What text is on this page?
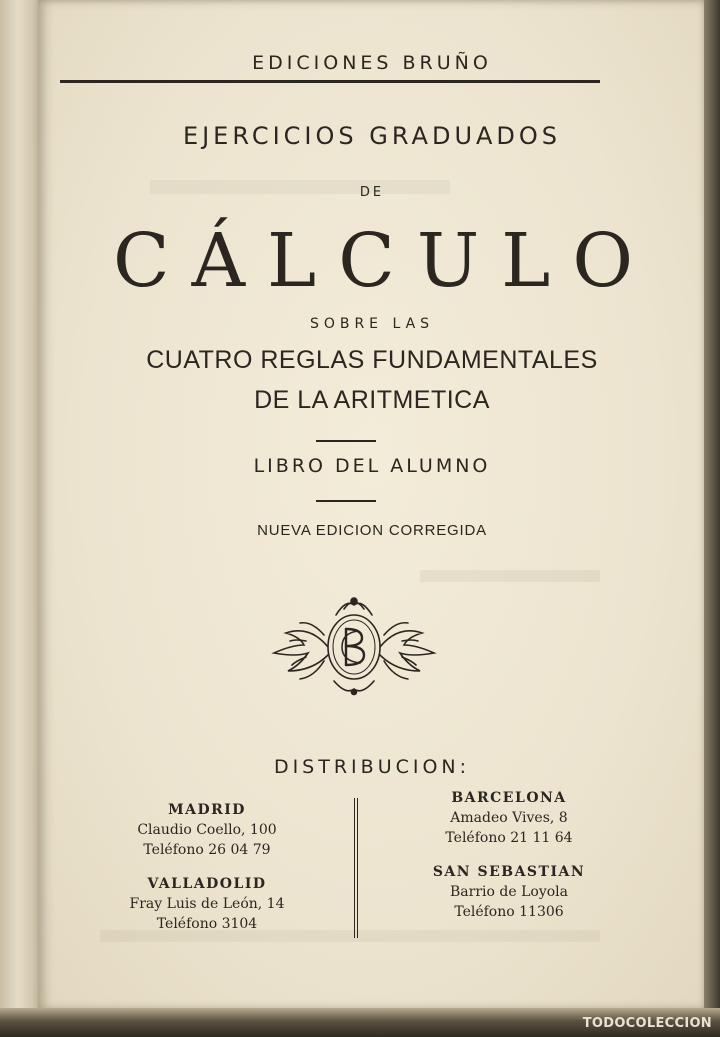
EDICIONES BRUÑO
EJERCICIOS GRADUADOS
DE
CÁLCULO
SOBRE LAS
CUATRO REGLAS FUNDAMENTALES
DE LA ARITMETICA
LIBRO DEL ALUMNO
NUEVA EDICION CORREGIDA
DISTRIBUCION:
MADRID
Claudio Coello, 100
Teléfono 26 04 79
VALLADOLID
Fray Luis de León, 14
Teléfono 3104
BARCELONA
Amadeo Vives, 8
Teléfono 21 11 64
SAN SEBASTIAN
Barrio de Loyola
Teléfono 11306
TODOCOLECCION
